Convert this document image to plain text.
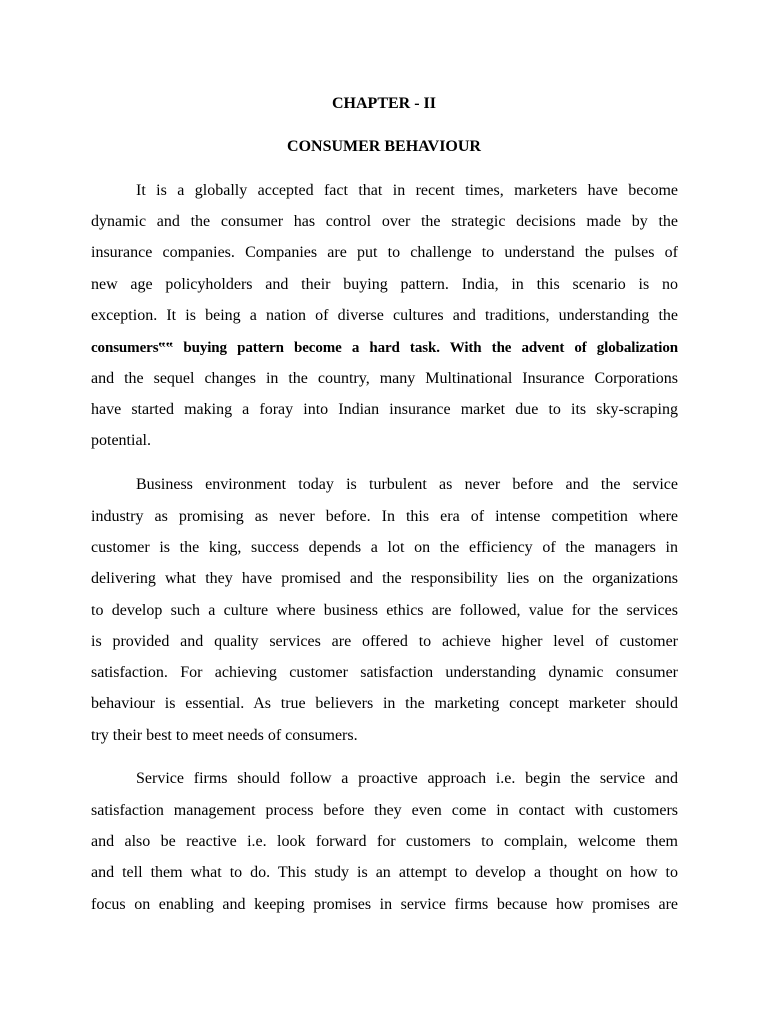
CHAPTER - II
CONSUMER BEHAVIOUR

It is a globally accepted fact that in recent times, marketers have become

dynamic and the consumer has control over the strategic decisions made by the

insurance companies. Companies are put to challenge to understand the pulses of

new age policyholders and their buying pattern. India, in this scenario is no

exception. It is being a nation of diverse cultures and traditions, understanding the

consumers‟‟ buying pattern become a hard task. With the advent of globalization

and the sequel changes in the country, many Multinational Insurance Corporations

have started making a foray into Indian insurance market due to its sky-scraping

potential.

Business environment today is turbulent as never before and the service

industry as promising as never before. In this era of intense competition where

customer is the king, success depends a lot on the efficiency of the managers in

delivering what they have promised and the responsibility lies on the organizations

to develop such a culture where business ethics are followed, value for the services

is provided and quality services are offered to achieve higher level of customer

satisfaction. For achieving customer satisfaction understanding dynamic consumer

behaviour is essential. As true believers in the marketing concept marketer should

try their best to meet needs of consumers.

Service firms should follow a proactive approach i.e. begin the service and

satisfaction management process before they even come in contact with customers

and also be reactive i.e. look forward for customers to complain, welcome them

and tell them what to do. This study is an attempt to develop a thought on how to

focus on enabling and keeping promises in service firms because how promises are
